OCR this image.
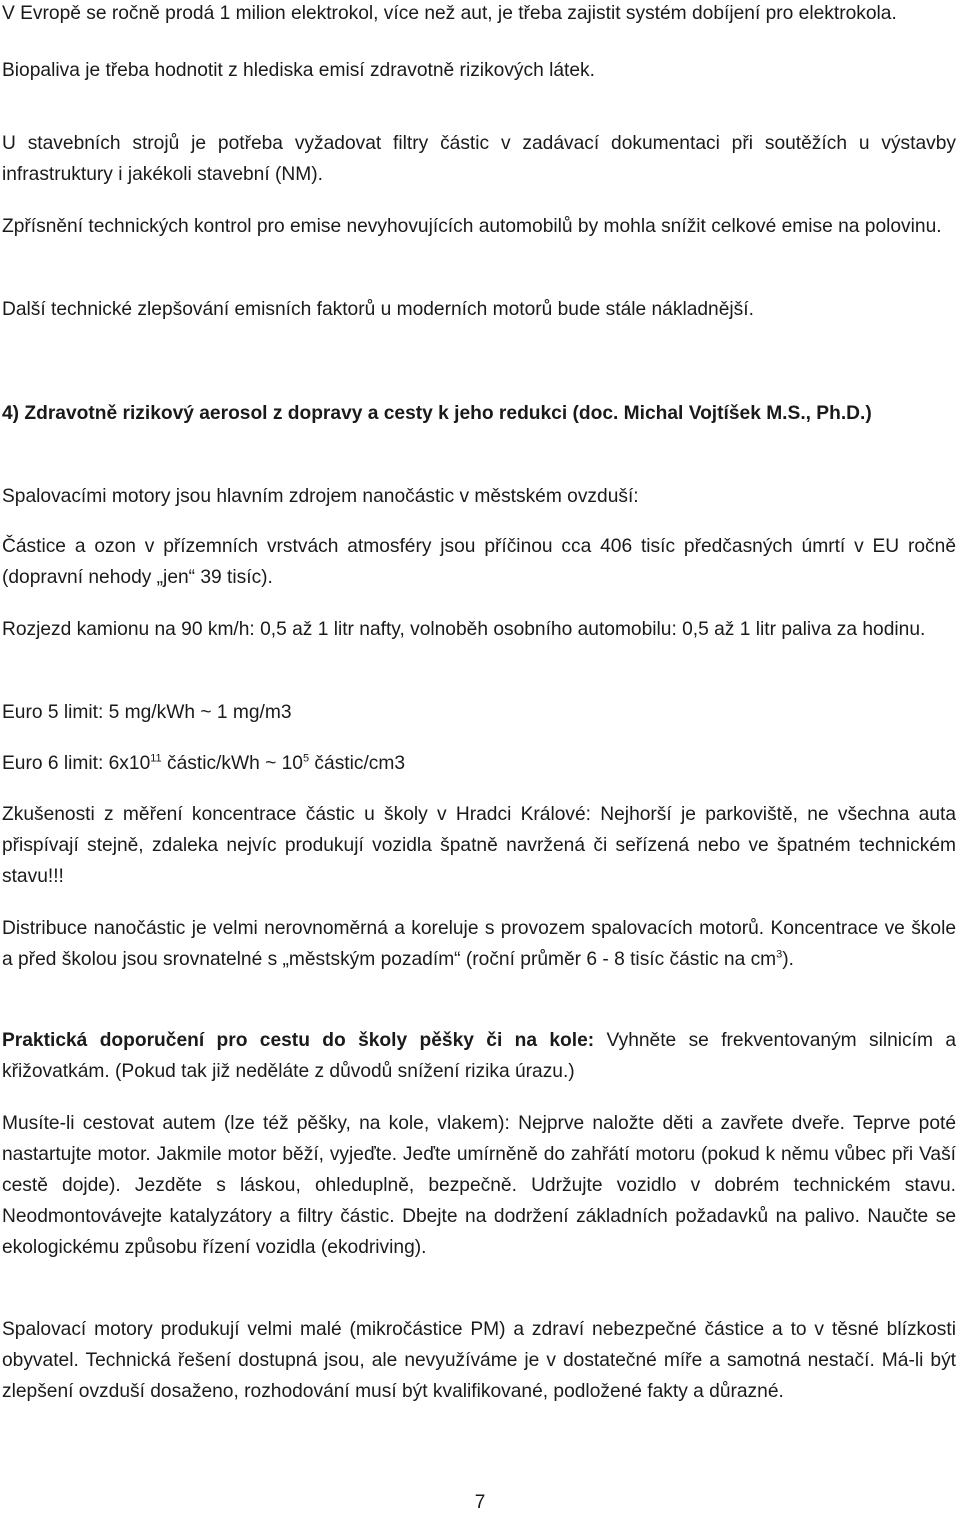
V Evropě se ročně prodá 1 milion elektrokol, více než aut, je třeba zajistit systém dobíjení pro elektrokola.

Biopaliva je třeba hodnotit z hlediska emisí zdravotně rizikových látek.

U stavebních strojů je potřeba vyžadovat filtry částic v zadávací dokumentaci při soutěžích u výstavby infrastruktury i jakékoli stavební (NM).

Zpřísnění technických kontrol pro emise nevyhovujících automobilů by mohla snížit celkové emise na polovinu.

Další technické zlepšování emisních faktorů u moderních motorů bude stále nákladnější.

4) Zdravotně rizikový aerosol z dopravy a cesty k jeho redukci (doc. Michal Vojtíšek M.S., Ph.D.)

Spalovacími motory jsou hlavním zdrojem nanočástic v městském ovzduší:

Částice a ozon v přízemních vrstvách atmosféry jsou příčinou cca 406 tisíc předčasných úmrtí v EU ročně (dopravní nehody „jen“ 39 tisíc).

Rozjezd kamionu na 90 km/h: 0,5 až 1 litr nafty, volnoběh osobního automobilu: 0,5 až 1 litr paliva za hodinu.

Euro 5 limit: 5 mg/kWh ~ 1 mg/m3

Euro 6 limit: $6x10^{11}$ částic/kWh ~ $10^5$ částic/cm3

Zkušenosti z měření koncentrace částic u školy v Hradci Králové: Nejhorší je parkoviště, ne všechna auta přispívají stejně, zdaleka nejvíc produkují vozidla špatně navržená či seřízená nebo ve špatném technickém stavu!!!

Distribuce nanočástic je velmi nerovnoměrná a koreluje s provozem spalovacích motorů. Koncentrace ve škole a před školou jsou srovnatelné s „městským pozadím“ (roční průměr 6 - 8 tisíc částic na $cm^3$).

Praktická doporučení pro cestu do školy pěšky či na kole: Vyhněte se frekventovaným silnicím a křižovatkám. (Pokud tak již neděláte z důvodů snížení rizika úrazu.)

Musíte-li cestovat autem (lze též pěšky, na kole, vlakem): Nejprve naložte děti a zavřete dveře. Teprve poté nastartujte motor. Jakmile motor běží, vyjeďte. Jeďte umírněně do zahřátí motoru (pokud k němu vůbec při Vaší cestě dojde). Jezděte s láskou, ohleduplně, bezpečně. Udržujte vozidlo v dobrém technickém stavu. Neodmontovávejte katalyzátory a filtry částic. Dbejte na dodržení základních požadavků na palivo. Naučte se ekologickému způsobu řízení vozidla (ekodriving).

Spalovací motory produkují velmi malé (mikročástice PM) a zdraví nebezpečné částice a to v těsné blízkosti obyvatel. Technická řešení dostupná jsou, ale nevyužíváme je v dostatečné míře a samotná nestačí. Má-li být zlepšení ovzduší dosaženo, rozhodování musí být kvalifikované, podložené fakty a důrazné.

7
